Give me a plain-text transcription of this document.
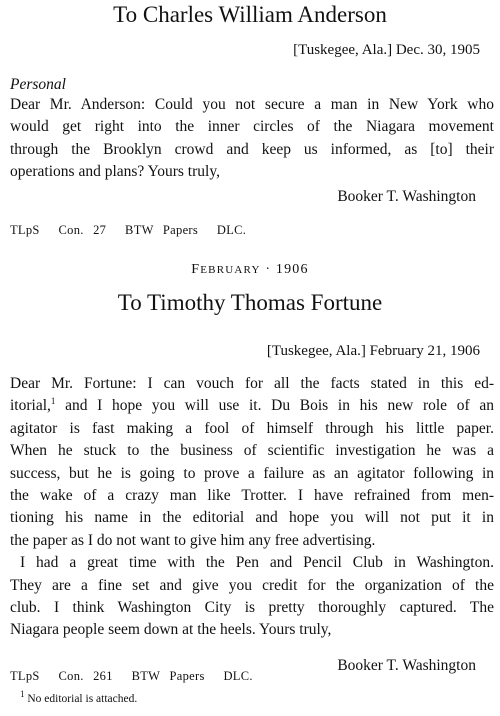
To Charles William Anderson
[Tuskegee, Ala.] Dec. 30, 1905
Personal
Dear Mr. Anderson: Could you not secure a man in New York who
would get right into the inner circles of the Niagara movement
through the Brooklyn crowd and keep us informed, as [to] their
operations and plans? Yours truly,
Booker T. Washington
TLpS  Con. 27  BTW Papers  DLC.
FEBRUARY · 1906
To Timothy Thomas Fortune
[Tuskegee, Ala.] February 21, 1906
Dear Mr. Fortune: I can vouch for all the facts stated in this ed-
itorial,$^1$ and I hope you will use it. Du Bois in his new role of an
agitator is fast making a fool of himself through his little paper.
When he stuck to the business of scientific investigation he was a
success, but he is going to prove a failure as an agitator following in
the wake of a crazy man like Trotter. I have refrained from men-
tioning his name in the editorial and hope you will not put it in
the paper as I do not want to give him any free advertising.
I had a great time with the Pen and Pencil Club in Washington.
They are a fine set and give you credit for the organization of the
club. I think Washington City is pretty thoroughly captured. The
Niagara people seem down at the heels. Yours truly,
Booker T. Washington
TLpS  Con. 261  BTW Papers  DLC.
$^1$ No editorial is attached.
